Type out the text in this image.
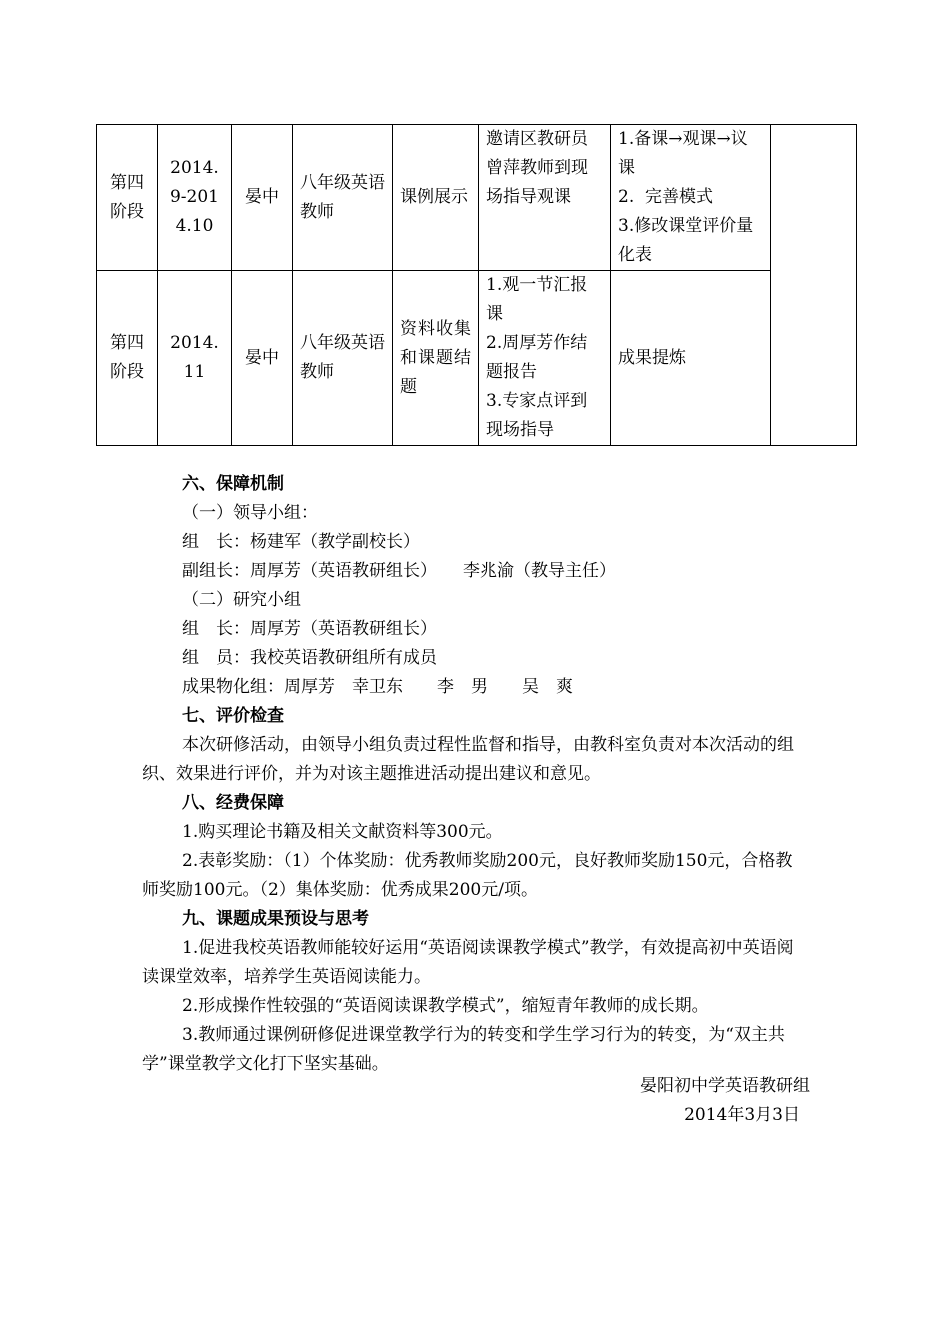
第四阶段	2014.9-2014.10	晏中	八年级英语教师	课例展示	邀请区教研员曾萍教师到现场指导观课	1.备课→观课→议课
2.  完善模式
3.修改课堂评价量化表	

第四阶段	2014.11	晏中	八年级英语教师	资料收集和课题结题	1.观一节汇报课
2.周厚芳作结题报告
3.专家点评到现场指导	成果提炼	

六、保障机制

（一）领导小组：

组　长：杨建军（教学副校长）

副组长：周厚芳（英语教研组长） 李兆渝（教导主任）

（二）研究小组

组　长：周厚芳（英语教研组长）

组　员：我校英语教研组所有成员

成果物化组：周厚芳　幸卫东　　李　男　　吴　爽

七、评价检查

本次研修活动，由领导小组负责过程性监督和指导，由教科室负责对本次活动的组织、效果进行评价，并为对该主题推进活动提出建议和意见。

八、经费保障

1.购买理论书籍及相关文献资料等300元。

2.表彰奖励：（1）个体奖励：优秀教师奖励200元，良好教师奖励150元，合格教师奖励100元。（2）集体奖励：优秀成果200元/项。

九、课题成果预设与思考

1.促进我校英语教师能较好运用“英语阅读课教学模式”教学，有效提高初中英语阅读课堂效率，培养学生英语阅读能力。

2.形成操作性较强的“英语阅读课教学模式”，缩短青年教师的成长期。

3.教师通过课例研修促进课堂教学行为的转变和学生学习行为的转变，为“双主共学”课堂教学文化打下坚实基础。

晏阳初中学英语教研组
2014年3月3日
